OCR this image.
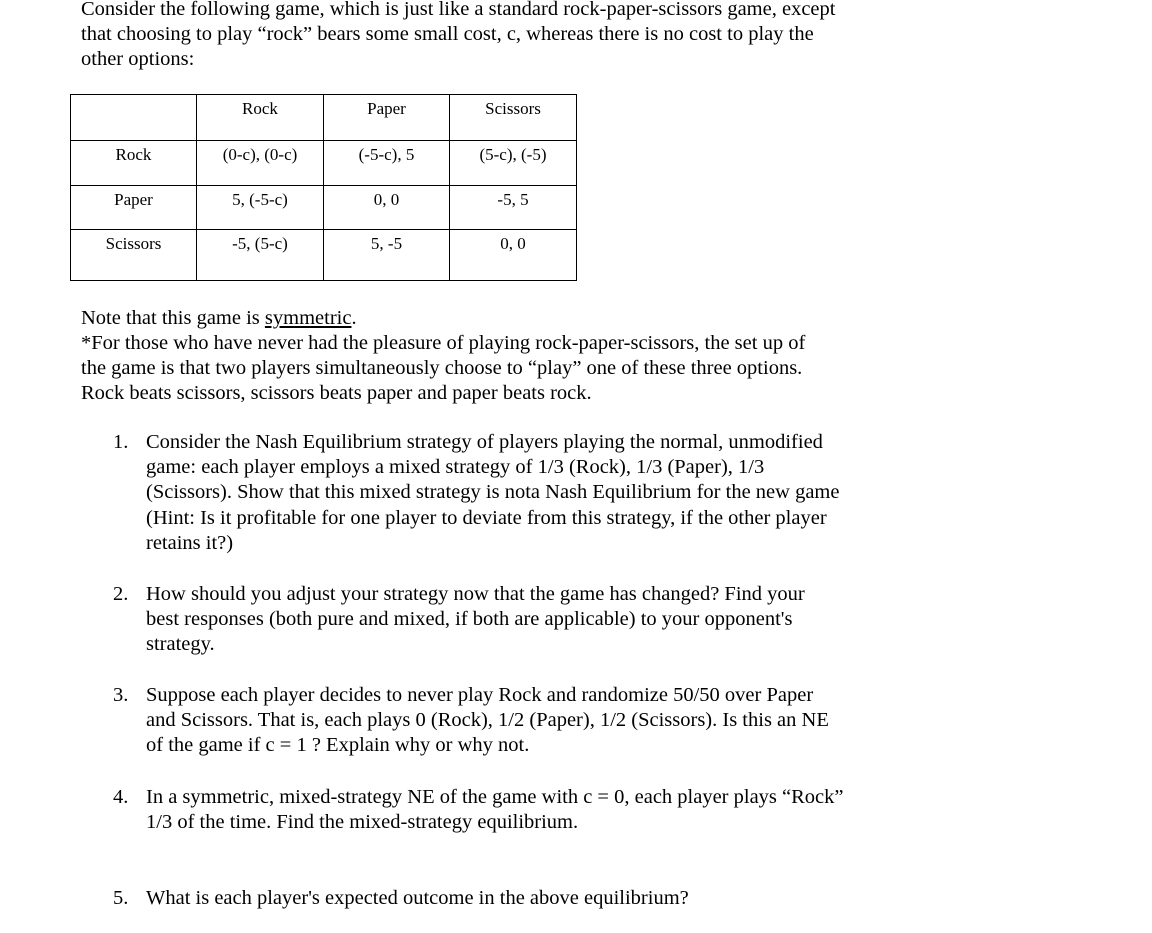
Consider the following game, which is just like a standard rock-paper-scissors game, except
that choosing to play “rock” bears some small cost, c, whereas there is no cost to play the
other options:
	Rock	Paper	Scissors
Rock	(0-c), (0-c)	(-5-c), 5	(5-c), (-5)
Paper	5, (-5-c)	0, 0	-5, 5
Scissors	-5, (5-c)	5, -5	0, 0
Note that this game is symmetric.
*For those who have never had the pleasure of playing rock-paper-scissors, the set up of
the game is that two players simultaneously choose to “play” one of these three options.
Rock beats scissors, scissors beats paper and paper beats rock.
1. Consider the Nash Equilibrium strategy of players playing the normal, unmodified
game: each player employs a mixed strategy of 1/3 (Rock), 1/3 (Paper), 1/3
(Scissors). Show that this mixed strategy is nota Nash Equilibrium for the new game
(Hint: Is it profitable for one player to deviate from this strategy, if the other player
retains it?)
2. How should you adjust your strategy now that the game has changed? Find your
best responses (both pure and mixed, if both are applicable) to your opponent's
strategy.
3. Suppose each player decides to never play Rock and randomize 50/50 over Paper
and Scissors. That is, each plays 0 (Rock), 1/2 (Paper), 1/2 (Scissors). Is this an NE
of the game if c = 1 ? Explain why or why not.
4. In a symmetric, mixed-strategy NE of the game with c = 0, each player plays “Rock”
1/3 of the time. Find the mixed-strategy equilibrium.
5. What is each player's expected outcome in the above equilibrium?
